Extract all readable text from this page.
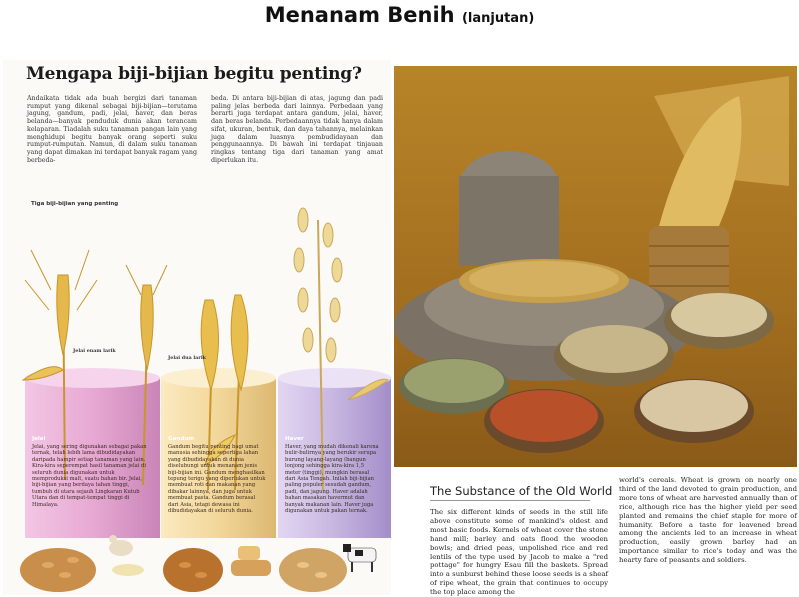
Menanam Benih (lanjutan)
Mengapa biji-bijian begitu penting?
Andaikata tidak ada buah bergizi dari tanaman rumput yang dikenal sebagai biji-bijian—terutama jagung, gandum, padi, jelai, haver, dan beras belanda—banyak penduduk dunia akan terancam kelaparan. Tiadalah suku tanaman pangan lain yang menghidupi begitu banyak orang seperti suku rumput-rumputan. Namun, di dalam suku tanaman yang dapat dimakan ini terdapat banyak ragam yang berbeda-
beda. Di antara biji-bijian di atas, jagung dan padi paling jelas berbeda dari lainnya. Perbedaan yang berarti juga terdapat antara gandum, jelai, haver, dan beras belanda. Perbedaannya tidak hanya dalam sifat, ukuran, bentuk, dan daya tahannya, melainkan juga dalam luasnya pembudidayaan dan penggunaannya. Di bawah ini terdapat tinjauan ringkas tentang tiga dari tanaman yang amat diperlukan itu.
Tiga biji-bijian yang penting
Jelai enam larik
Jelai dua larik
Jelai
Jelai, yang sering digunakan sebagai pakan ternak, telah lebih lama dibudidayakan daripada hampir setiap tanaman yang lain. Kira-kira seperempat hasil tanaman jelai di seluruh dunia digunakan untuk memproduksi malt, suatu bahan bir. Jelai, biji-bijian yang berdaya tahan tinggi, tumbuh di utara sejauh Lingkaran Kutub Utara dan di tempat-tempat tinggi di Himalaya.
Gandum
Gandum begitu penting bagi umat manusia sehingga sepertiga lahan yang dibudidayakan di dunia diselubungi untuk menanam jenis biji-bijian ini. Gandum menghasilkan tepung terigu yang diperlukan untuk membuat roti dan makanan yang dibakar lainnya, dan juga untuk membuat pasta. Gandum berasal dari Asia, tetapi dewasa ini dibudidayakan di seluruh dunia.
Haver
Haver, yang mudah dikenali karena bulir-bulirnya yang berukir serupa burung layang-layang (bangun lonjong sehingga kira-kira 1,5 meter (tinggi), mungkin berasal dari Asia Tengah. Inilah biji-bijian paling populer sesudah gandum, padi, dan jagung. Haver adalah bahan masakan havermut dan banyak makanan lain. Haver juga digunakan untuk pakan ternak.
The Substance of the Old World
The six different kinds of seeds in the still life above constitute some of mankind's oldest and most basic foods. Kernels of wheat cover the stone hand mill; barley and oats flood the wooden bowls; and dried peas, unpolished rice and red lentils of the type used by Jacob to make a "red pottage" for hungry Esau fill the baskets. Spread into a sunburst behind these loose seeds is a sheaf of ripe wheat, the grain that continues to occupy the top place among the
world's cereals. Wheat is grown on nearly one third of the land devoted to grain production, and more tons of wheat are harvested annually than of rice, although rice has the higher yield per seed planted and remains the chief staple for more of humanity. Before a taste for leavened bread among the ancients led to an increase in wheat production, easily grown barley had an importance similar to rice's today and was the hearty fare of peasants and soldiers.
